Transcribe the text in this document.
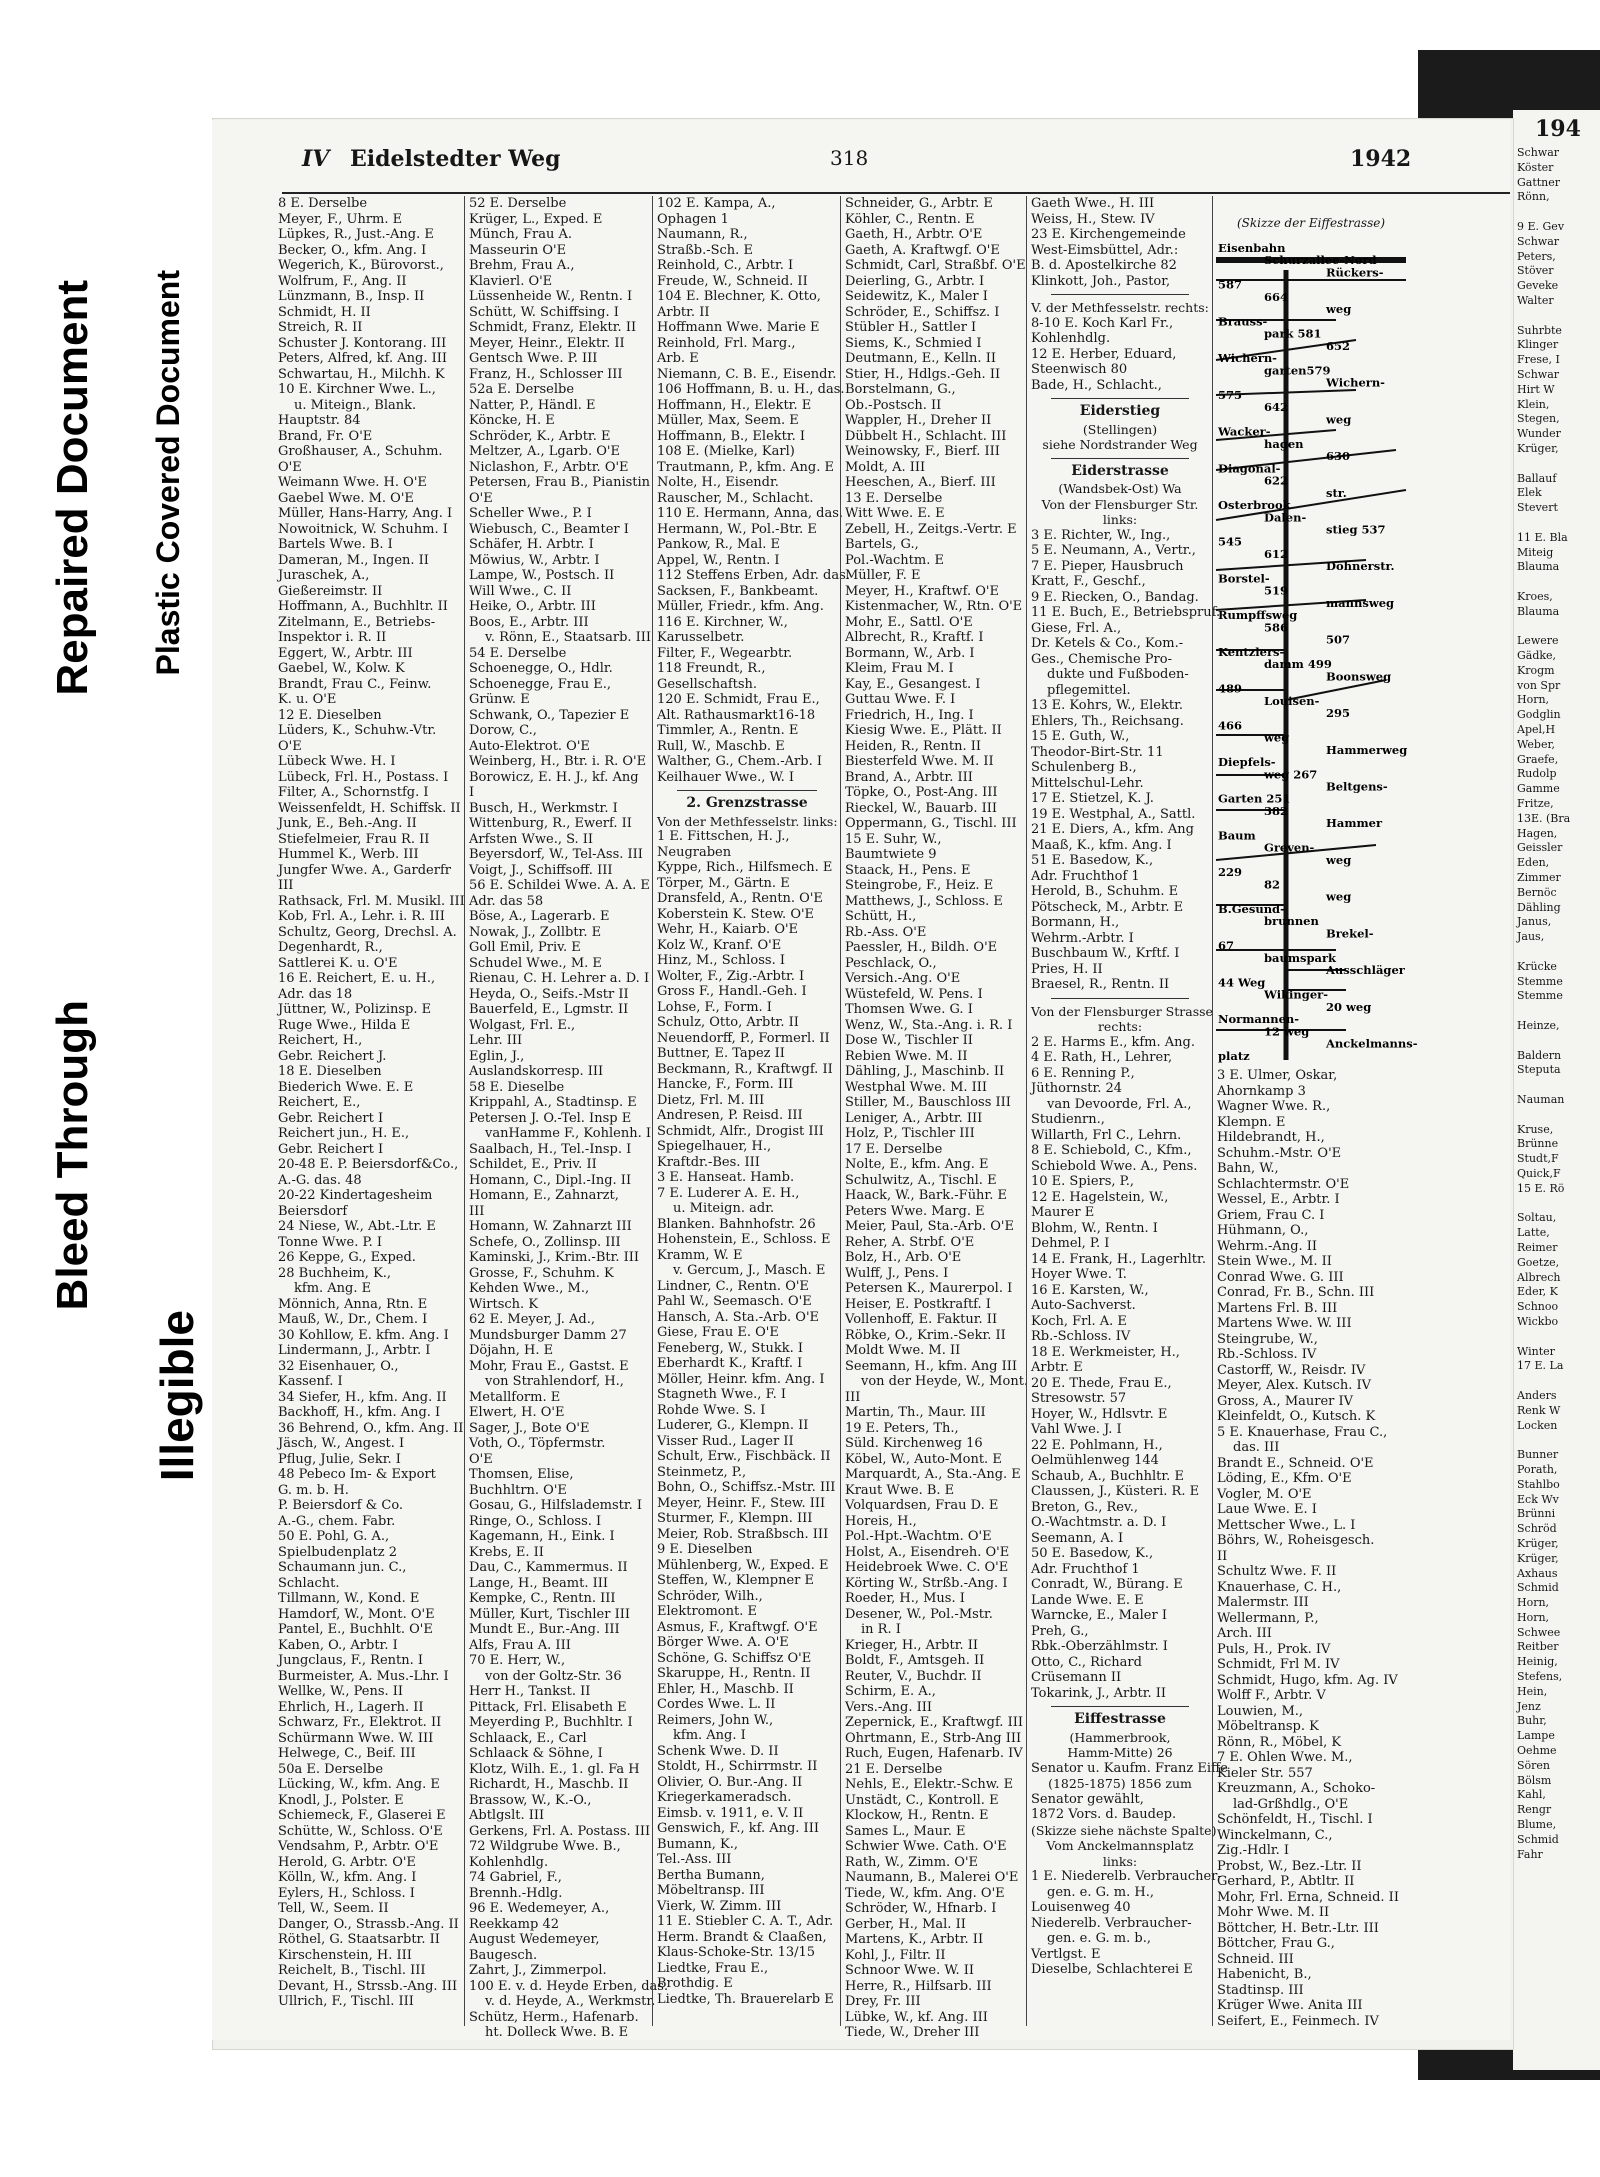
Bleed Through
Repaired Document
Illegible
Plastic Covered Document
194
Schwar
Köster
Gattner
Rönn,

9 E. Gev
Schwar
Peters,
Stöver
Geveke
Walter

Suhrbte
Klinger
Frese, I
Schwar
Hirt W
Klein,
Stegen,
Wunder
Krüger,

Ballauf
Elek
Stevert

11 E. Bla
Miteig
Blauma

Kroes,
Blauma

Lewere
Gädke,
Krogm
von Spr
Horn,
Godglin
Apel,H
Weber,
Graefe,
Rudolp
Gamme
Fritze,
13E. (Bra
Hagen,
Geissler
Eden,
Zimmer
Bernöc
Dähling
Janus,
Jaus,

Krücke
Stemme
Stemme

Heinze,

Baldern
Steputa

Nauman

Kruse,
Brünne
Studt,F
Quick,F
15 E. Rö

Soltau,
Latte,
Reimer
Goetze,
Albrech
Eder, K
Schnoo
Wickbo

Winter
17 E. La

Anders
Renk W
Locken

Bunner
Porath,
Stahlbo
Eck Wv
Brünni
Schröd
Krüger,
Krüger,
Axhaus
Schmid
Horn,
Horn,
Schwee
Reitber
Heinig,
Stefens,
Hein,
Jenz
Buhr,
Lampe
Oehme
Sören
Bölsm
Kahl,
Rengr
Blume,
Schmid
Fahr
IV Eidelstedter Weg	318	1942
8 E. Derselbe
Meyer, F., Uhrm. E
Lüpkes, R., Just.-Ang. E
Becker, O., kfm. Ang. I
Wegerich, K., Bürovorst.,
Wolfrum, F., Ang. II
Lünzmann, B., Insp. II
Schmidt, H. II
Streich, R. II
Schuster J. Kontorang. III
Peters, Alfred, kf. Ang. III
Schwartau, H., Milchh. K
10 E. Kirchner Wwe. L.,
u. Miteign., Blank.
Hauptstr. 84
Brand, Fr. O'E
Großhauser, A., Schuhm.
O'E
Weimann Wwe. H. O'E
Gaebel Wwe. M. O'E
Müller, Hans-Harry, Ang. I
Nowoitnick, W. Schuhm. I
Bartels Wwe. B. I
Dameran, M., Ingen. II
Juraschek, A.,
Gießereimstr. II
Hoffmann, A., Buchhltr. II
Zitelmann, E., Betriebs-
Inspektor i. R. II
Eggert, W., Arbtr. III
Gaebel, W., Kolw. K
Brandt, Frau C., Feinw.
K. u. O'E
12 E. Dieselben
Lüders, K., Schuhw.-Vtr.
O'E
Lübeck Wwe. H. I
Lübeck, Frl. H., Postass. I
Filter, A., Schornstfg. I
Weissenfeldt, H. Schiffsk. II
Junk, E., Beh.-Ang. II
Stiefelmeier, Frau R. II
Hummel K., Werb. III
Jungfer Wwe. A., Garderfr
III
Rathsack, Frl. M. Musikl. III
Kob, Frl. A., Lehr. i. R. III
Schultz, Georg, Drechsl. A.
Degenhardt, R.,
Sattlerei K. u. O'E
16 E. Reichert, E. u. H.,
Adr. das 18
Jüttner, W., Polizinsp. E
Ruge Wwe., Hilda E
Reichert, H.,
Gebr. Reichert J.
18 E. Dieselben
Biederich Wwe. E. E
Reichert, E.,
Gebr. Reichert I
Reichert jun., H. E.,
Gebr. Reichert I
20-48 E. P. Beiersdorf&Co.,
A.-G. das. 48
20-22 Kindertagesheim
Beiersdorf
24 Niese, W., Abt.-Ltr. E
Tonne Wwe. P. I
26 Keppe, G., Exped.
28 Buchheim, K.,
kfm. Ang. E
Mönnich, Anna, Rtn. E
Mauß, W., Dr., Chem. I
30 Kohllow, E. kfm. Ang. I
Lindermann, J., Arbtr. I
32 Eisenhauer, O.,
Kassenf. I
34 Siefer, H., kfm. Ang. II
Backhoff, H., kfm. Ang. I
36 Behrend, O., kfm. Ang. II
Jäsch, W., Angest. I
Pflug, Julie, Sekr. I
48 Pebeco Im- & Export
G. m. b. H.
P. Beiersdorf & Co.
A.-G., chem. Fabr.
50 E. Pohl, G. A.,
Spielbudenplatz 2
Schaumann jun. C.,
Schlacht.
Tillmann, W., Kond. E
Hamdorf, W., Mont. O'E
Pantel, E., Buchhlt. O'E
Kaben, O., Arbtr. I
Jungclaus, F., Rentn. I
Burmeister, A. Mus.-Lhr. I
Wellke, W., Pens. II
Ehrlich, H., Lagerh. II
Schwarz, Fr., Elektrot. II
Schürmann Wwe. W. III
Helwege, C., Beif. III
50a E. Derselbe
Lücking, W., kfm. Ang. E
Knodl, J., Polster. E
Schiemeck, F., Glaserei E
Schütte, W., Schloss. O'E
Vendsahm, P., Arbtr. O'E
Herold, G. Arbtr. O'E
Kölln, W., kfm. Ang. I
Eylers, H., Schloss. I
Tell, W., Seem. II
Danger, O., Strassb.-Ang. II
Röthel, G. Staatsarbtr. II
Kirschenstein, H. III
Reichelt, B., Tischl. III
Devant, H., Strssb.-Ang. III
Ullrich, F., Tischl. III
52 E. Derselbe
Krüger, L., Exped. E
Münch, Frau A.
Masseurin O'E
Brehm, Frau A.,
Klavierl. O'E
Lüssenheide W., Rentn. I
Schütt, W. Schiffsing. I
Schmidt, Franz, Elektr. II
Meyer, Heinr., Elektr. II
Gentsch Wwe. P. III
Franz, H., Schlosser III
52a E. Derselbe
Natter, P., Händl. E
Köncke, H. E
Schröder, K., Arbtr. E
Meltzer, A., Lgarb. O'E
Niclashon, F., Arbtr. O'E
Petersen, Frau B., Pianistin
O'E
Scheller Wwe., P. I
Wiebusch, C., Beamter I
Schäfer, H. Arbtr. I
Möwius, W., Arbtr. I
Lampe, W., Postsch. II
Will Wwe., C. II
Heike, O., Arbtr. III
Boos, E., Arbtr. III
v. Rönn, E., Staatsarb. III
54 E. Derselbe
Schoenegge, O., Hdlr.
Schoenegge, Frau E.,
Grünw. E
Schwank, O., Tapezier E
Dorow, C.,
Auto-Elektrot. O'E
Weinberg, H., Btr. i. R. O'E
Borowicz, E. H. J., kf. Ang
I
Busch, H., Werkmstr. I
Wittenburg, R., Ewerf. II
Arfsten Wwe., S. II
Beyersdorf, W., Tel-Ass. III
Voigt, J., Schiffsoff. III
56 E. Schildei Wwe. A. A. E
Adr. das 58
Böse, A., Lagerarb. E
Nowak, J., Zollbtr. E
Goll Emil, Priv. E
Schudel Wwe., M. E
Rienau, C. H. Lehrer a. D. I
Heyda, O., Seifs.-Mstr II
Bauerfeld, E., Lgmstr. II
Wolgast, Frl. E.,
Lehr. III
Eglin, J.,
Auslandskorresp. III
58 E. Dieselbe
Krippahl, A., Stadtinsp. E
Petersen J. O.-Tel. Insp E
vanHamme F., Kohlenh. I
Saalbach, H., Tel.-Insp. I
Schildet, E., Priv. II
Homann, C., Dipl.-Ing. II
Homann, E., Zahnarzt,
III
Homann, W. Zahnarzt III
Schefe, O., Zollinsp. III
Kaminski, J., Krim.-Btr. III
Grosse, F., Schuhm. K
Kehden Wwe., M.,
Wirtsch. K
62 E. Meyer, J. Ad.,
Mundsburger Damm 27
Döjahn, H. E
Mohr, Frau E., Gastst. E
von Strahlendorf, H.,
Metallform. E
Elwert, H. O'E
Sager, J., Bote O'E
Voth, O., Töpfermstr.
O'E
Thomsen, Elise,
Buchhltrn. O'E
Gosau, G., Hilfslademstr. I
Ringe, O., Schloss. I
Kagemann, H., Eink. I
Krebs, E. II
Dau, C., Kammermus. II
Lange, H., Beamt. III
Kempke, C., Rentn. III
Müller, Kurt, Tischler III
Mundt E., Bur.-Ang. III
Alfs, Frau A. III
70 E. Herr, W.,
von der Goltz-Str. 36
Herr H., Tankst. II
Pittack, Frl. Elisabeth E
Meyerding P., Buchhltr. I
Schlaack, E., Carl
Schlaack & Söhne, I
Klotz, Wilh. E., 1. gl. Fa H
Richardt, H., Maschb. II
Brassow, W., K.-O.,
Abtlgslt. III
Gerkens, Frl. A. Postass. III
72 Wildgrube Wwe. B.,
Kohlenhdlg.
74 Gabriel, F.,
Brennh.-Hdlg.
96 E. Wedemeyer, A.,
Reekkamp 42
August Wedemeyer,
Baugesch.
Zahrt, J., Zimmerpol.
100 E. v. d. Heyde Erben, das.
v. d. Heyde, A., Werkmstr.
Schütz, Herm., Hafenarb.
ht. Dolleck Wwe. B. E
102 E. Kampa, A.,
Ophagen 1
Naumann, R.,
Straßb.-Sch. E
Reinhold, C., Arbtr. I
Freude, W., Schneid. II
104 E. Blechner, K. Otto,
Arbtr. II
Hoffmann Wwe. Marie E
Reinhold, Frl. Marg.,
Arb. E
Niemann, C. B. E., Eisendr.
106 Hoffmann, B. u. H., das.
Hoffmann, H., Elektr. E
Müller, Max, Seem. E
Hoffmann, B., Elektr. I
108 E. (Mielke, Karl)
Trautmann, P., kfm. Ang. E
Nolte, H., Eisendr.
Rauscher, M., Schlacht.
110 E. Hermann, Anna, das.
Hermann, W., Pol.-Btr. E
Pankow, R., Mal. E
Appel, W., Rentn. I
112 Steffens Erben, Adr. das.
Sacksen, F., Bankbeamt.
Müller, Friedr., kfm. Ang.
116 E. Kirchner, W.,
Karusselbetr.
Filter, F., Wegearbtr.
118 Freundt, R.,
Gesellschaftsh.
120 E. Schmidt, Frau E.,
Alt. Rathausmarkt16-18
Timmler, A., Rentn. E
Rull, W., Maschb. E
Walther, G., Chem.-Arb. I
Keilhauer Wwe., W. I
2. Grenzstrasse
Von der Methfesselstr. links:
1 E. Fittschen, H. J.,
Neugraben
Kyppe, Rich., Hilfsmech. E
Törper, M., Gärtn. E
Dransfeld, A., Rentn. O'E
Koberstein K. Stew. O'E
Wehr, H., Kaiarb. O'E
Kolz W., Kranf. O'E
Hinz, M., Schloss. I
Wolter, F., Zig.-Arbtr. I
Gross F., Handl.-Geh. I
Lohse, F., Form. I
Schulz, Otto, Arbtr. II
Neuendorff, P., Formerl. II
Buttner, E. Tapez II
Beckmann, R., Kraftwgf. II
Hancke, F., Form. III
Dietz, Frl. M. III
Andresen, P. Reisd. III
Schmidt, Alfr., Drogist III
Spiegelhauer, H.,
Kraftdr.-Bes. III
3 E. Hanseat. Hamb.
7 E. Luderer A. E. H.,
u. Miteign. adr.
Blanken. Bahnhofstr. 26
Hohenstein, E., Schloss. E
Kramm, W. E
v. Gercum, J., Masch. E
Lindner, C., Rentn. O'E
Pahl W., Seemasch. O'E
Hansch, A. Sta.-Arb. O'E
Giese, Frau E. O'E
Feneberg, W., Stukk. I
Eberhardt K., Kraftf. I
Möller, Heinr. kfm. Ang. I
Stagneth Wwe., F. I
Rohde Wwe. S. I
Luderer, G., Klempn. II
Visser Rud., Lager II
Schult, Erw., Fischbäck. II
Steinmetz, P.,
Bohn, O., Schiffsz.-Mstr. III
Meyer, Heinr. F., Stew. III
Sturmer, F., Klempn. III
Meier, Rob. Straßbsch. III
9 E. Dieselben
Mühlenberg, W., Exped. E
Steffen, W., Klempner E
Schröder, Wilh.,
Elektromont. E
Asmus, F., Kraftwgf. O'E
Börger Wwe. A. O'E
Schöne, G. Schiffsz O'E
Skaruppe, H., Rentn. II
Ehler, H., Maschb. II
Cordes Wwe. L. II
Reimers, John W.,
kfm. Ang. I
Schenk Wwe. D. II
Stoldt, H., Schirrmstr. II
Olivier, O. Bur.-Ang. II
Kriegerkameradsch.
Eimsb. v. 1911, e. V. II
Genswich, F., kf. Ang. III
Bumann, K.,
Tel.-Ass. III
Bertha Bumann,
Möbeltransp. III
Vierk, W. Zimm. III
11 E. Stiebler C. A. T., Adr.
Herm. Brandt & Claaßen,
Klaus-Schoke-Str. 13/15
Liedtke, Frau E.,
Brothdig. E
Liedtke, Th. Brauerelarb E
Schneider, G., Arbtr. E
Köhler, C., Rentn. E
Gaeth, H., Arbtr. O'E
Gaeth, A. Kraftwgf. O'E
Schmidt, Carl, Straßbf. O'E
Deierling, G., Arbtr. I
Seidewitz, K., Maler I
Schröder, E., Schiffsz. I
Stübler H., Sattler I
Siems, K., Schmied I
Deutmann, E., Kelln. II
Stier, H., Hdlgs.-Geh. II
Borstelmann, G.,
Ob.-Postsch. II
Wappler, H., Dreher II
Dübbelt H., Schlacht. III
Weinowsky, F., Bierf. III
Moldt, A. III
Heeschen, A., Bierf. III
13 E. Derselbe
Witt Wwe. E. E
Zebell, H., Zeitgs.-Vertr. E
Bartels, G.,
Pol.-Wachtm. E
Müller, F. E
Meyer, H., Kraftwf. O'E
Kistenmacher, W., Rtn. O'E
Mohr, E., Sattl. O'E
Albrecht, R., Kraftf. I
Bormann, W., Arb. I
Kleim, Frau M. I
Kay, E., Gesangest. I
Guttau Wwe. F. I
Friedrich, H., Ing. I
Kiesig Wwe. E., Plätt. II
Heiden, R., Rentn. II
Biesterfeld Wwe. M. II
Brand, A., Arbtr. III
Töpke, O., Post-Ang. III
Rieckel, W., Bauarb. III
Oppermann, G., Tischl. III
15 E. Suhr, W.,
Baumtwiete 9
Staack, H., Pens. E
Steingrobe, F., Heiz. E
Matthews, J., Schloss. E
Schütt, H.,
Rb.-Ass. O'E
Paessler, H., Bildh. O'E
Peschlack, O.,
Versich.-Ang. O'E
Wüstefeld, W. Pens. I
Thomsen Wwe. G. I
Wenz, W., Sta.-Ang. i. R. I
Dose W., Tischler II
Rebien Wwe. M. II
Dähling, J., Maschinb. II
Westphal Wwe. M. III
Stiller, M., Bauschloss III
Leniger, A., Arbtr. III
Holz, P., Tischler III
17 E. Derselbe
Nolte, E., kfm. Ang. E
Schulwitz, A., Tischl. E
Haack, W., Bark.-Führ. E
Peters Wwe. Marg. E
Meier, Paul, Sta.-Arb. O'E
Reher, A. Strbf. O'E
Bolz, H., Arb. O'E
Wulff, J., Pens. I
Petersen K., Maurerpol. I
Heiser, E. Postkraftf. I
Vollenhoff, E. Faktur. II
Röbke, O., Krim.-Sekr. II
Moldt Wwe. M. II
Seemann, H., kfm. Ang III
von der Heyde, W., Mont.
III
Martin, Th., Maur. III
19 E. Peters, Th.,
Süld. Kirchenweg 16
Köbel, W., Auto-Mont. E
Marquardt, A., Sta.-Ang. E
Kraut Wwe. B. E
Volquardsen, Frau D. E
Horeis, H.,
Pol.-Hpt.-Wachtm. O'E
Holst, A., Eisendreh. O'E
Heidebroek Wwe. C. O'E
Körting W., Strßb.-Ang. I
Roeder, H., Mus. I
Desener, W., Pol.-Mstr.
in R. I
Krieger, H., Arbtr. II
Boldt, F., Amtsgeh. II
Reuter, V., Buchdr. II
Schirm, E. A.,
Vers.-Ang. III
Zepernick, E., Kraftwgf. III
Ohrtmann, E., Strb-Ang III
Ruch, Eugen, Hafenarb. IV
21 E. Derselbe
Nehls, E., Elektr.-Schw. E
Unstädt, C., Kontroll. E
Klockow, H., Rentn. E
Sames L., Maur. E
Schwier Wwe. Cath. O'E
Rath, W., Zimm. O'E
Naumann, B., Malerei O'E
Tiede, W., kfm. Ang. O'E
Schröder, W., Hfnarb. I
Gerber, H., Mal. II
Martens, K., Arbtr. II
Kohl, J., Filtr. II
Schnoor Wwe. W. II
Herre, R., Hilfsarb. III
Drey, Fr. III
Lübke, W., kf. Ang. III
Tiede, W., Dreher III
Gaeth Wwe., H. III
Weiss, H., Stew. IV
23 E. Kirchengemeinde
West-Eimsbüttel, Adr.:
B. d. Apostelkirche 82
Klinkott, Joh., Pastor,
V. der Methfesselstr. rechts:
8-10 E. Koch Karl Fr.,
Kohlenhdlg.
12 E. Herber, Eduard,
Steenwisch 80
Bade, H., Schlacht.,
Eiderstieg
(Stellingen)
siehe Nordstrander Weg
Eiderstrasse
(Wandsbek-Ost) Wa
Von der Flensburger Str.
links:
3 E. Richter, W., Ing.,
5 E. Neumann, A., Vertr.,
7 E. Pieper, Hausbruch
Kratt, F., Geschf.,
9 E. Riecken, O., Bandag.
11 E. Buch, E., Betriebspruf.
Giese, Frl. A.,
Dr. Ketels & Co., Kom.-
Ges., Chemische Pro-
dukte und Fußboden-
pflegemittel.
13 E. Kohrs, W., Elektr.
Ehlers, Th., Reichsang.
15 E. Guth, W.,
Theodor-Birt-Str. 11
Schulenberg B.,
Mittelschul-Lehr.
17 E. Stietzel, K. J.
19 E. Westphal, A., Sattl.
21 E. Diers, A., kfm. Ang
Maaß, K., kfm. Ang. I
51 E. Basedow, K.,
Adr. Fruchthof 1
Herold, B., Schuhm. E
Pötscheck, M., Arbtr. E
Bormann, H.,
Wehrm.-Arbtr. I
Buschbaum W., Krftf. I
Pries, H. II
Braesel, R., Rentn. II
Von der Flensburger Strasse
rechts:
2 E. Harms E., kfm. Ang.
4 E. Rath, H., Lehrer,
6 E. Renning P.,
Jüthornstr. 24
van Devoorde, Frl. A.,
Studienrn.,
Willarth, Frl C., Lehrn.
8 E. Schiebold, C., Kfm.,
Schiebold Wwe. A., Pens.
10 E. Spiers, P.,
12 E. Hagelstein, W.,
Maurer E
Blohm, W., Rentn. I
Dehmel, P. I
14 E. Frank, H., Lagerhltr.
Hoyer Wwe. T.
16 E. Karsten, W.,
Auto-Sachverst.
Koch, Frl. A. E
Rb.-Schloss. IV
18 E. Werkmeister, H.,
Arbtr. E
20 E. Thede, Frau E.,
Stresowstr. 57
Hoyer, W., Hdlsvtr. E
Vahl Wwe. J. I
22 E. Pohlmann, H.,
Oelmühlenweg 144
Schaub, A., Buchhltr. E
Claussen, J., Küsteri. R. E
Breton, G., Rev.,
O.-Wachtmstr. a. D. I
Seemann, A. I
50 E. Basedow, K.,
Adr. Fruchthof 1
Conradt, W., Bürang. E
Lande Wwe. E. E
Warncke, E., Maler I
Preh, G.,
Rbk.-Oberzählmstr. I
Otto, C., Richard
Crüsemann II
Tokarink, J., Arbtr. II
Eiffestrasse
(Hammerbrook,
Hamm-Mitte) 26
Senator u. Kaufm. Franz Eiffe
(1825-1875) 1856 zum
Senator gewählt,
1872 Vors. d. Baudep.
(Skizze siehe nächste Spalte)
Vom Anckelmannsplatz
links:
1 E. Niederelb. Verbraucher-
gen. e. G. m. H.,
Louisenweg 40
Niederelb. Verbraucher-
gen. e. G. m. b.,
Vertlgst. E
Dieselbe, Schlachterei E
3 E. Ulmer, Oskar,
Ahornkamp 3
Wagner Wwe. R.,
Klempn. E
Hildebrandt, H.,
Schuhm.-Mstr. O'E
Bahn, W.,
Schlachtermstr. O'E
Wessel, E., Arbtr. I
Griem, Frau C. I
Hühmann, O.,
Wehrm.-Ang. II
Stein Wwe., M. II
Conrad Wwe. G. III
Conrad, Fr. B., Schn. III
Martens Frl. B. III
Martens Wwe. W. III
Steingrube, W.,
Rb.-Schloss. IV
Castorff, W., Reisdr. IV
Meyer, Alex. Kutsch. IV
Gross, A., Maurer IV
Kleinfeldt, O., Kutsch. K
5 E. Knauerhase, Frau C.,
das. III
Brandt E., Schneid. O'E
Löding, E., Kfm. O'E
Vogler, M. O'E
Laue Wwe. E. I
Mettscher Wwe., L. I
Böhrs, W., Roheisgesch.
II
Schultz Wwe. F. II
Knauerhase, C. H.,
Malermstr. III
Wellermann, P.,
Arch. III
Puls, H., Prok. IV
Schmidt, Frl M. IV
Schmidt, Hugo, kfm. Ag. IV
Wolff F., Arbtr. V
Louwien, M.,
Möbeltransp. K
Rönn, R., Möbel, K
7 E. Ohlen Wwe. M.,
Kieler Str. 557
Kreuzmann, A., Schoko-
lad-Grßhdlg., O'E
Schönfeldt, H., Tischl. I
Winckelmann, C.,
Zig.-Hdlr. I
Probst, W., Bez.-Ltr. II
Gerhard, P., Abtltr. II
Mohr, Frl. Erna, Schneid. II
Mohr Wwe. M. II
Böttcher, H. Betr.-Ltr. III
Böttcher, Frau G.,
Schneid. III
Habenicht, B.,
Stadtinsp. III
Krüger Wwe. Anita III
Seifert, E., Feinmech. IV
(Skizze der Eiffestrasse)
Eisenbahn
Schurzallee-Nord
Rückers-
587
664
weg
Brauss-
park 581
652
Wichern-
garten579
Wichern-
575
642
weg
Wacker-
hagen
630
Diagonal-
622
str.
Osterbrook
Dalen-
stieg 537
545
612
Döhnerstr.
Borstel-
519
mannsweg
Rumpffsweg
586
507
Kentzlers-
damm 499
Boonsweg
489
Louisen-
295
466
weg
Hammerweg
Diepfels-
weg 267
Beltgens-
Garten 251
382
Hammer
Baum
Greven-
weg
229
82
weg
B.Gesund-
brunnen
Brekel-
67
baumspark
Ausschläger
44 Weg
Wikinger-
20 weg
Normannen-
12 weg
Anckelmanns-
platz
